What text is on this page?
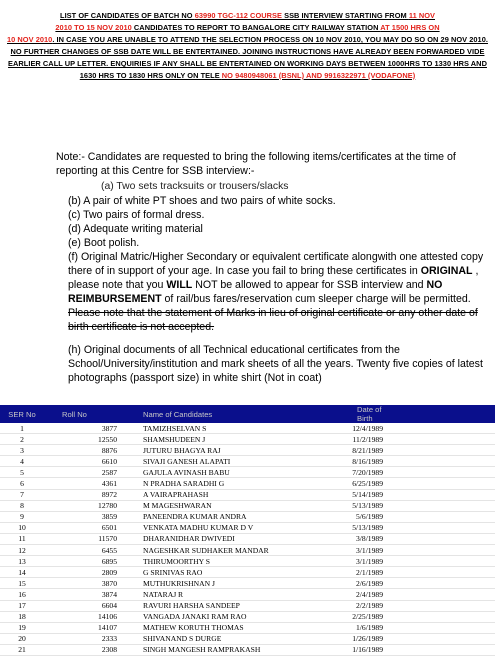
LIST OF CANDIDATES OF BATCH NO 63990 TGC-112 COURSE SSB INTERVIEW STARTING FROM 11 NOV
2010 TO 15 NOV 2010 CANDIDATES TO REPORT TO BANGALORE CITY RAILWAY STATION AT 1500 HRS ON
10 NOV 2010. IN CASE YOU ARE UNABLE TO ATTEND THE SELECTION PROCESS ON 10 NOV 2010, YOU MAY DO SO ON 29 NOV 2010. NO FURTHER CHANGES OF SSB DATE WILL BE ENTERTAINED. JOINING INSTRUCTIONS HAVE ALREADY BEEN FORWARDED VIDE EARLIER CALL UP LETTER. ENQUIRIES IF ANY SHALL BE ENTERTAINED ON WORKING DAYS BETWEEN 1000HRS TO 1330 HRS AND 1630 HRS TO 1830 HRS ONLY ON TELE NO 9480948061 (BSNL) AND 9916322971 (VODAFONE)

Note:- Candidates are requested to bring the following items/certificates at the time of reporting at this Centre for SSB interview:-

(a) Two sets tracksuits or trousers/slacks

(b) A pair of white PT shoes and two pairs of white socks.

(c) Two pairs of formal dress.

(d) Adequate writing material

(e) Boot polish.

(f) Original Matric/Higher Secondary or equivalent certificate alongwith one attested copy there of in support of your age. In case you fail to bring these certificates in ORIGINAL , please note that you WILL NOT be allowed to appear for SSB interview and NO REIMBURSEMENT of rail/bus fares/reservation cum sleeper charge will be permitted.

Please note that the statement of Marks in lieu of original certificate or any other date of birth certificate is not accepted.

(h) Original documents of all Technical educational certificates from the School/University/institution and mark sheets of all the years. Twenty five copies of latest photographs (passport size) in white shirt (Not in coat)

SER No	Roll No	Name of Candidates	Date of Birth
1	3877	TAMIZHSELVAN S	12/4/1989
2	12550	SHAMSHUDEEN J	11/2/1989
3	8876	JUTURU BHAGYA RAJ	8/21/1989
4	6610	SIVAJI GANESH ALAPATI	8/16/1989
5	2587	GAJULA AVINASH BABU	7/20/1989
6	4361	N PRADHA SARADHI G	6/25/1989
7	8972	A VAIRAPRAHASH	5/14/1989
8	12780	M MAGESHWARAN	5/13/1989
9	3859	PANEENDRA KUMAR ANDRA	5/6/1989
10	6501	VENKATA MADHU KUMAR D V	5/13/1989
11	11570	DHARANIDHAR DWIVEDI	3/8/1989
12	6455	NAGESHKAR SUDHAKER MANDAR	3/1/1989
13	6895	THIRUMOORTHY S	3/1/1989
14	2809	G SRINIVAS RAO	2/1/1989
15	3870	MUTHUKRISHNAN J	2/6/1989
16	3874	NATARAJ R	2/4/1989
17	6604	RAVURI HARSHA SANDEEP	2/2/1989
18	14106	VANGADA JANAKI RAM RAO	2/25/1989
19	14107	MATHEW KORUTH THOMAS	1/6/1989
20	2333	SHIVANAND S DURGE	1/26/1989
21	2308	SINGH MANGESH RAMPRAKASH	1/16/1989
